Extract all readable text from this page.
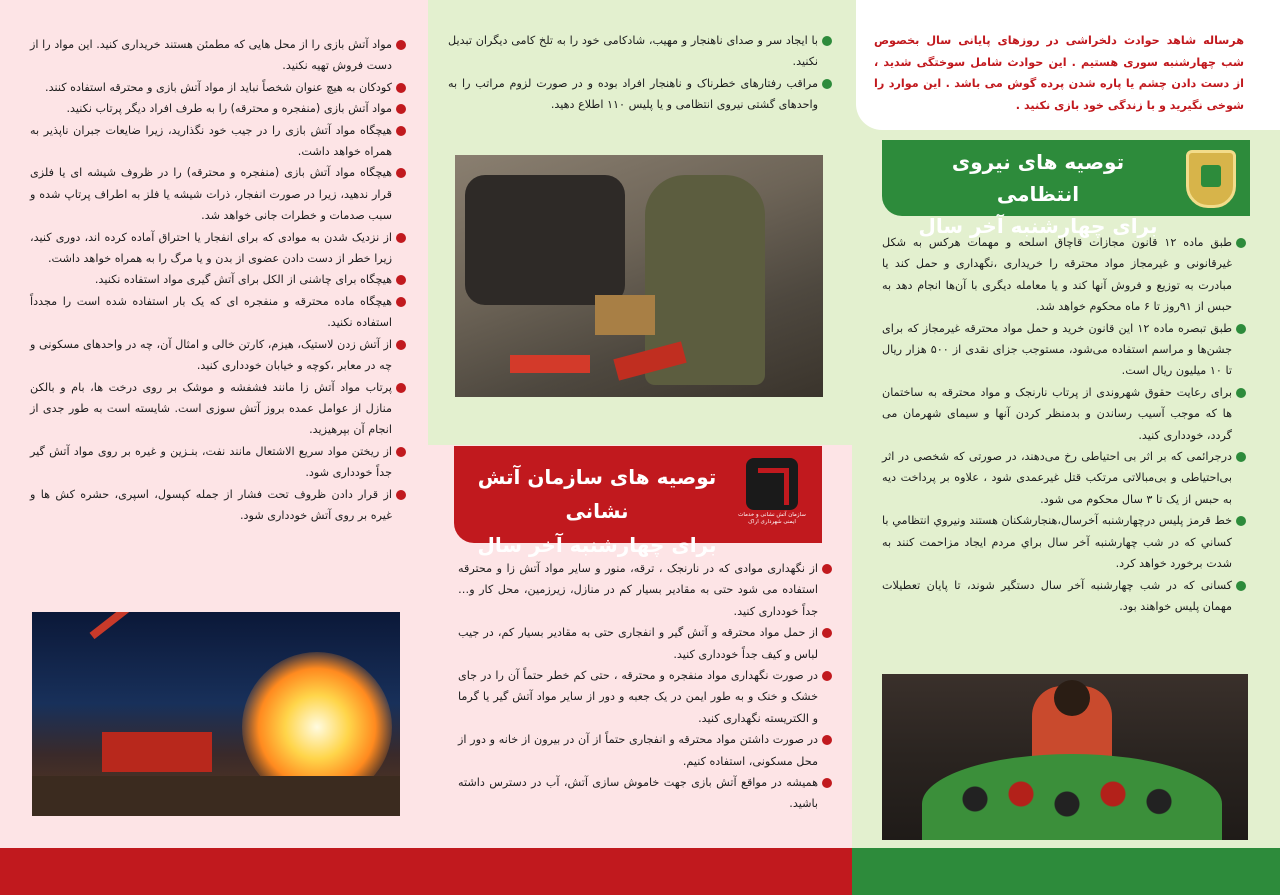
مواد آتش بازی را از محل هایی که مطمئن هستند خریداری کنید. این مواد را از دست فروش تهیه نکنید.
کودکان به هیچ عنوان شخصاً نباید از مواد آتش بازی و محترقه استفاده کنند.
مواد آتش بازی (منفجره و محترقه) را به طرف افراد دیگر پرتاب نکنید.
هیچگاه مواد آتش بازی را در جیب خود نگذارید، زیرا ضایعات جبران ناپذیر به همراه خواهد داشت.
هیچگاه مواد آتش بازی (منفجره و محترقه) را در ظروف شیشه ای یا فلزی قرار ندهید، زیرا در صورت انفجار، ذرات شیشه یا فلز به اطراف پرتاپ شده و سبب صدمات و خطرات جانی خواهد شد.
از نزدیک شدن به موادی که برای انفجار یا احتراق آماده کرده اند، دوری کنید، زیرا خطر از دست دادن عضوی از بدن و یا مرگ را به همراه خواهد داشت.
هیچگاه برای چاشنی از الکل برای آتش گیری مواد استفاده نکنید.
هیچگاه ماده محترقه و منفجره ای که یک بار استفاده شده است را مجدداً استفاده نکنید.
از آتش زدن لاستیک، هیزم، کارتن خالی و امثال آن، چه در واحدهای مسکونی و چه در معابر ،کوچه و خیابان خودداری کنید.
پرتاب مواد آتش زا مانند فشفشه و موشک بر روی درخت ها، بام و بالکن منازل از عوامل عمده بروز آتش سوزی است. شایسته است به طور جدی از انجام آن بپرهیزید.
از ریختن مواد سریع الاشتعال مانند نفت، بنـزین و غیره بر روی مواد آتش گیر جداً خودداری شود.
از قرار دادن ظروف تحت فشار از جمله کپسول، اسپری، حشره کش ها و غیره بر روی آتش خودداری شود.
با ایجاد سر و صدای ناهنجار و مهیب، شادکامی خود را به تلخ کامی دیگران تبدیل نکنید.
مراقب رفتارهای خطرناک و ناهنجار افراد بوده و در صورت لزوم مراتب را به واحدهای گشتی نیروی انتظامی و یا پلیس ۱۱۰ اطلاع دهید.
از نگهداری موادی که در نارنجک ، ترقه، منور و سایر مواد آتش زا و محترقه استفاده می شود حتی به مقادیر بسیار کم در منازل، زیرزمین، محل کار و… جداً خودداری کنید.
از حمل مواد محترقه و آتش گیر و انفجاری حتی به مقادیر بسیار کم، در جیب لباس و کیف جداً خودداری کنید.
در صورت نگهداری مواد منفجره و محترقه ، حتی کم خطر حتماً آن را در جای خشک و خنک و به طور ایمن در یک جعبه و دور از سایر مواد آتش گیر یا گرما و الکتریسته نگهداری کنید.
در صورت داشتن مواد محترقه و انفجاری حتماً از آن در بیرون از خانه و دور از محل مسکونی، استفاده کنیم.
همیشه در مواقع آتش بازی جهت خاموش سازی آتش، آب در دسترس داشته باشید.

هرساله شاهد حوادث دلخراشی در روزهای پایانی سال بخصوص شب چهارشنبه سوری هستیم . این حوادث شامل سوختگی شدید ، از دست دادن چشم یا پاره شدن پرده گوش می باشد . این موارد را شوخی نگیرید و با زندگی خود بازی نکنید .

توصیه های نیروی انتظامی
برای چهارشنبه آخر سال
طبق ماده ۱۲ قانون مجازات قاچاق اسلحه و مهمات هرکس به شکل غیرقانونی و غیرمجاز مواد محترقه را خریداری ،نگهداری و حمل کند یا مبادرت به توزیع و فروش آنها کند و یا معامله دیگری با آن‌ها انجام دهد به حبس از ۹۱روز تا ۶ ماه محکوم خواهد شد.
طبق تبصره ماده ۱۲ این قانون خرید و حمل مواد محترقه غیرمجاز که برای جشن‌ها و مراسم استفاده می‌شود، مستوجب جزای نقدی از ۵۰۰ هزار ریال تا ۱۰ میلیون ریال است.
برای رعایت حقوق شهروندی از پرتاب نارنجک و مواد محترقه به ساختمان ها که موجب آسیب رساندن و بدمنظر کردن آنها و سیمای شهرمان می گردد، خودداری کنید.
درجرائمی که بر اثر بی احتیاطی رخ می‌دهند، در صورتی که شخصی در اثر بی‌احتیاطی و بی‌مبالاتی مرتکب قتل غیرعمدی شود ، علاوه بر پرداخت دیه به حبس از یک تا ۳ سال محکوم می شود.
خط قرمز پلیس درچهارشنبه آخرسال،هنجارشکنان هستند ونیروي انتظامي با كساني كه در شب چهارشنبه آخر سال براي مردم ايجاد مزاحمت كنند به شدت برخورد خواهد كرد.
کسانی که در شب چهارشنبه آخر سال دستگیر شوند، تا پایان تعطیلات مهمان پلیس خواهند بود.
سازمان آتش نشانی و خدمات ایمنی شهرداری اراک
توصیه های سازمان آتش نشانی
برای چهارشنبه آخر سال
